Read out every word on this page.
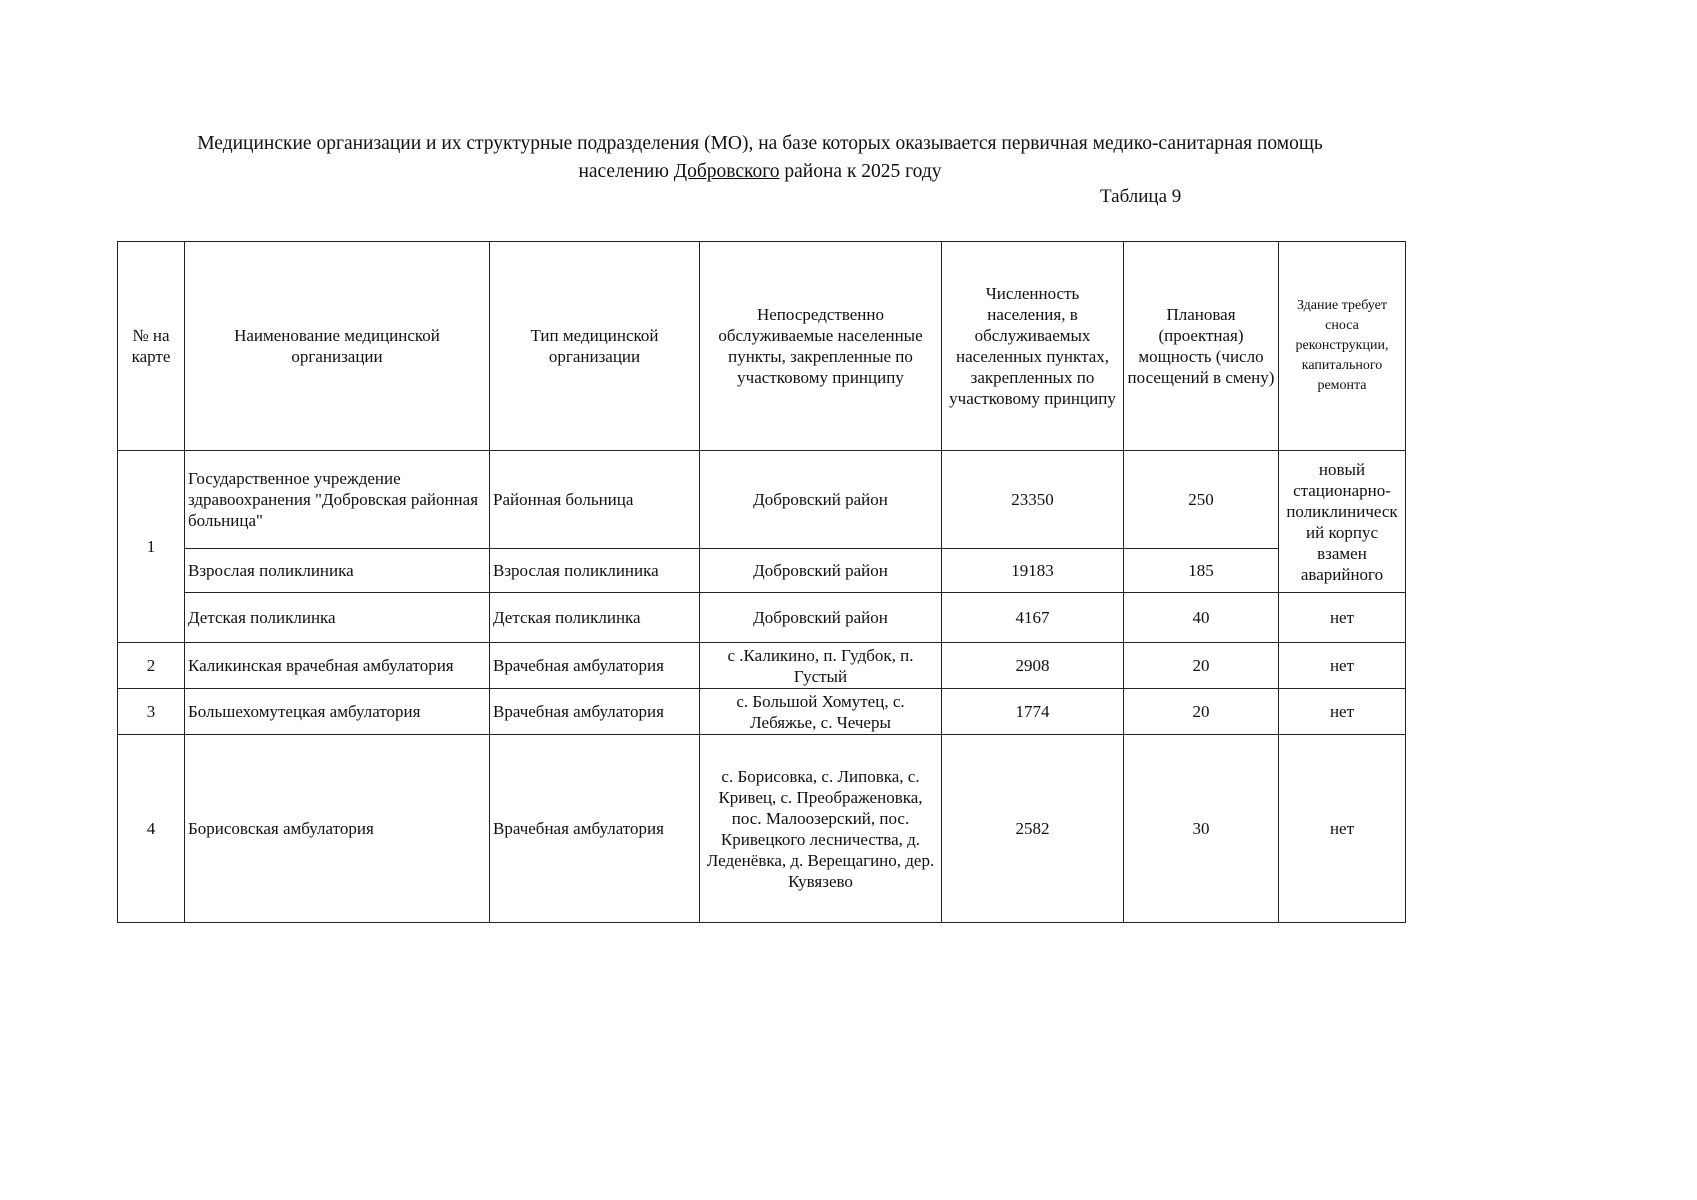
Медицинские организации и их структурные подразделения (МО), на базе которых оказывается первичная медико-санитарная помощь
населению Добровского района к 2025 году
Таблица 9
№ на карте	Наименование медицинской организации	Тип медицинской организации	Непосредственно обслуживаемые населенные пункты, закрепленные по участковому принципу	Численность населения, в обслуживаемых населенных пунктах, закрепленных по участковому принципу	Плановая (проектная) мощность (число посещений в смену)	Здание требует сноса реконструкции, капитального ремонта
1	Государственное учреждение здравоохранения "Добровская районная больница"	Районная больница	Добровский район	23350	250	новый стационарно-поликлиническ ий корпус взамен аварийного
	Взрослая поликлиника	Взрослая поликлиника	Добровский район	19183	185	
	Детская поликлинка	Детская поликлинка	Добровский район	4167	40	нет
2	Каликинская врачебная амбулатория	Врачебная амбулатория	с .Каликино, п. Гудбок, п. Густый	2908	20	нет
3	Большехомутецкая амбулатория	Врачебная амбулатория	с. Большой Хомутец, с. Лебяжье, с. Чечеры	1774	20	нет
4	Борисовская амбулатория	Врачебная амбулатория	с. Борисовка, с. Липовка, с. Кривец, с. Преображеновка, пос. Малоозерский, пос. Кривецкого лесничества, д. Леденёвка, д. Верещагино, дер. Кувязево	2582	30	нет
